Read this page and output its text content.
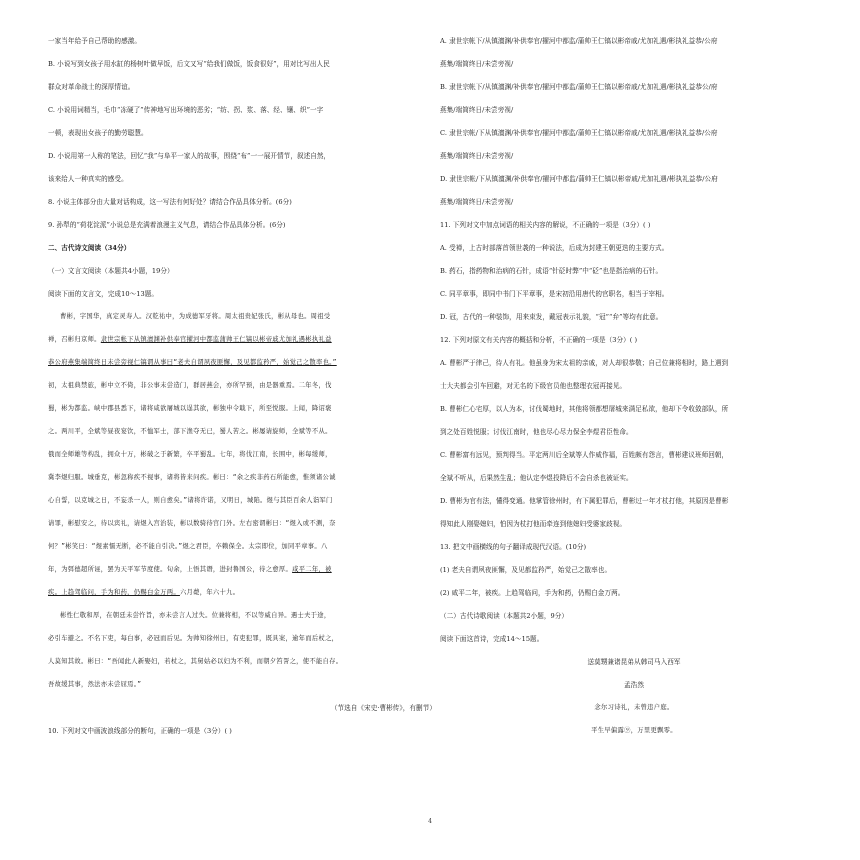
一家当年给予自己帮助的感激。
B. 小说写到女孩子用水缸的杨树叶做早饭，后文又写“给我们做饭，饭食很好”，用对比写出人民
群众对革命战士的深厚情谊。
C. 小说用词精当，毛巾“冻硬了”传神地写出环境的恶劣；“纺、拐、浆、落、经、镶、织”一字
一顿，表现出女孩子的勤劳聪慧。
D. 小说用第一人称的笔法，回忆“我”与阜平一家人的故事，围绕“布”一一展开情节，叙述自然，
该来给人一种真实的感受。
8. 小说主体部分由大量对话构成，这一写法有何好处？请结合作品具体分析。(6分)
9. 孙犁的“荷花淀派”小说总是充满着浪漫主义气息，请结合作品具体分析。(6分)
二、古代诗文阅读（34分）
（一）文言文阅读（本题共4小题，19分）
阅读下面的文言文，完成10～13题。
曹彬，字国华，真定灵寿人。汉乾祐中，为成德军牙将。周太祖贵妃张氏，彬从母也。周祖受
禅，召彬归京师。隶世宗帐下从镇澶渊补供奉官擢河中都监蒲帅王仁镐以彬帝戚尤加礼遇彬执礼益
恭公府燕集端简终日未尝旁视仁镐谓从事曰“老夫自谓夙夜匪懈，及见都监矜严，始觉己之散率也。”
初，太祖典禁旅，彬中立不倚，非公事未尝造门，群居燕会，亦所罕预，由是器重焉。二年冬，伐
蜀，彬为都监。峡中郡县悉下，诸将咸欲屠城以逞其欲，彬独申令戢下，所至悦服。上闻，降诏褒
之。两川平，全斌等昼夜宴饮，不恤军士，部下渔夺无已，蜀人苦之。彬屡请旋师，全斌等不从。
俄而全师雄等构乱，拥众十万，彬破之于新繁，卒平蜀乱。七年，将伐江南，长围中，彬每缓师，
冀李煜归服。城垂克，彬忽称疾不视事，诸将皆来问疾。彬曰：“余之疾非药石所能愈，惟须诸公诚
心自誓，以克城之日，不妄杀一人，则自愈矣。”诸将许诺，又明日，城陷。煜与其臣百余人诣军门
请罪，彬慰安之，待以宾礼，请煜入宫治装，彬以数骑待宫门外。左右密谓彬曰：“煜入或不测，奈
何？”彬笑曰：“煜素懦无断，必不能自引决。”煜之君臣，卒赖保全。太宗即位，加同平章事。八
年，为弭德超所诬，罢为天平军节度使。旬余，上悟其谮，进封鲁国公，待之愈厚。咸平二年，被
疾。上趋驾临问，手为和药，仍赐白金万两。六月薨，年六十九。
彬性仁敬和厚，在朝廷未尝忤旨，亦未尝言人过失。位兼将相，不以等威自异。遇士夫于途，
必引车避之。不名下吏，每白事，必冠而后见。为帅知徐州日，有吏犯罪，既具案，逾年而后杖之，
人莫知其故。彬曰：“吾闻此人新娶妇，若杖之，其舅姑必以妇为不利，而朝夕笞詈之，使不能自存。
吾故缓其事，然法亦未尝屈焉。”
（节选自《宋史·曹彬传》，有删节）
10. 下列对文中画波浪线部分的断句，正确的一项是（3分）( )
A. 隶世宗帐下/从镇澶渊/补供奉官/擢河中都监/蒲帅王仁镐以彬帝戚/尤加礼遇/彬执礼益恭/公府
燕集/端简终日/未尝旁视/
B. 隶世宗帐下/从镇澶渊/补供奉官/擢河中都监/蒲帅王仁镐以彬帝戚/尤加礼遇/彬执礼益恭公/府
燕集/端简终日/未尝旁视/
C. 隶世宗帐/下从镇澶渊/补供奉官/擢河中都监/蒲帅王仁镐以彬帝戚/尤加礼遇/彬执礼益恭/公府
燕集/端简终日/未尝旁视/
D. 隶世宗帐/下从镇澶渊/补供奉官/擢河中都监/蒲帅王仁镐以彬帝戚/尤加礼遇/彬执礼益恭/公府
燕集/端简终日/未尝旁视/
11. 下列对文中加点词语的相关内容的解说，不正确的一项是（3分）( )
A. 受禅，上古时部落首领世袭的一种说法，后成为封建王朝更迭的主要方式。
B. 药石，指药物和治病的石针，成语“针砭时弊”中“砭”也是指治病的石针。
C. 同平章事，即同中书门下平章事，是宋初沿用唐代的官职名，相当于宰相。
D. 冠，古代的一种装饰，用来束发，戴冠表示礼貌，“冠”“弁”等均有此意。
12. 下列对原文有关内容的概括和分析，不正确的一项是（3分）( )
A. 曹彬严于律己，待人有礼。他虽身为宋太祖的亲戚，对人却很恭敬；自己位兼将相时，路上遇到
士大夫都会引车回避，对无名的下级官员他也整理衣冠再接见。
B. 曹彬仁心宅厚，以人为本，讨伐蜀地时，其他将领都想屠城来满足私欲，他却下令收敛部队，所
到之处百姓悦服；讨伐江南时，他也尽心尽力保全李煜君臣性命。
C. 曹彬富有远见，预判得当。平定两川后全斌等人作威作福，百姓颇有怨言，曹彬建议班师回朝，
全斌不听从，后果然生乱；他认定李煜投降后不会自杀也被证实。
D. 曹彬为官有法，懂得变通。他掌管徐州时，有下属犯罪后，曹彬过一年才杖打他，其原因是曹彬
得知此人刚娶媳妇，怕因为杖打他而牵连到他媳妇受婆家歧视。
13. 把文中画横线的句子翻译成现代汉语。(10分)
(1) 老夫自谓夙夜匪懈，及见都监矜严，始觉己之散率也。
(2) 咸平二年，被疾。上趋驾临问，手为和药，仍赐白金万两。
（二）古代诗歌阅读（本题共2小题，9分）
阅读下面这首诗，完成14～15题。
送莫甥兼诸昆弟从韩司马入西军
孟浩然
念尔习诗礼，未曾违户庭。
平生早偏露⑨，万里更飘零。
4
